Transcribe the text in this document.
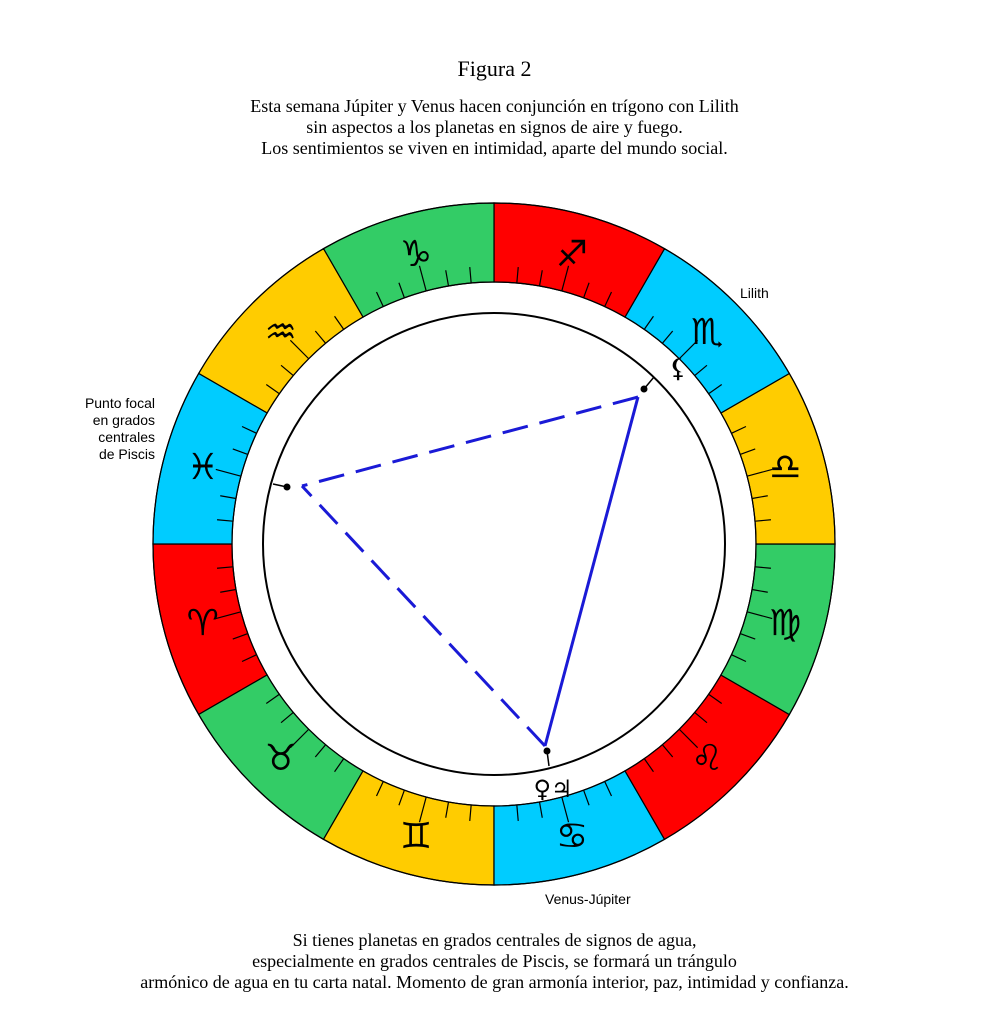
Figura 2
Esta semana Júpiter y Venus hacen conjunción en trígono con Lilith
sin aspectos a los planetas en signos de aire y fuego.
Los sentimientos se viven en intimidad, aparte del mundo social.
♈︎
♉︎
♊︎	♋︎
♌︎
♍︎
♎︎
♏︎
♐︎
♑︎
♒︎
♓︎
⚸
♀♃
Lilith
Punto focal
en grados
centrales
de Piscis
Venus-Júpiter
Si tienes planetas en grados centrales de signos de agua,
especialmente en grados centrales de Piscis, se formará un trángulo
armónico de agua en tu carta natal. Momento de gran armonía interior, paz, intimidad y confianza.
